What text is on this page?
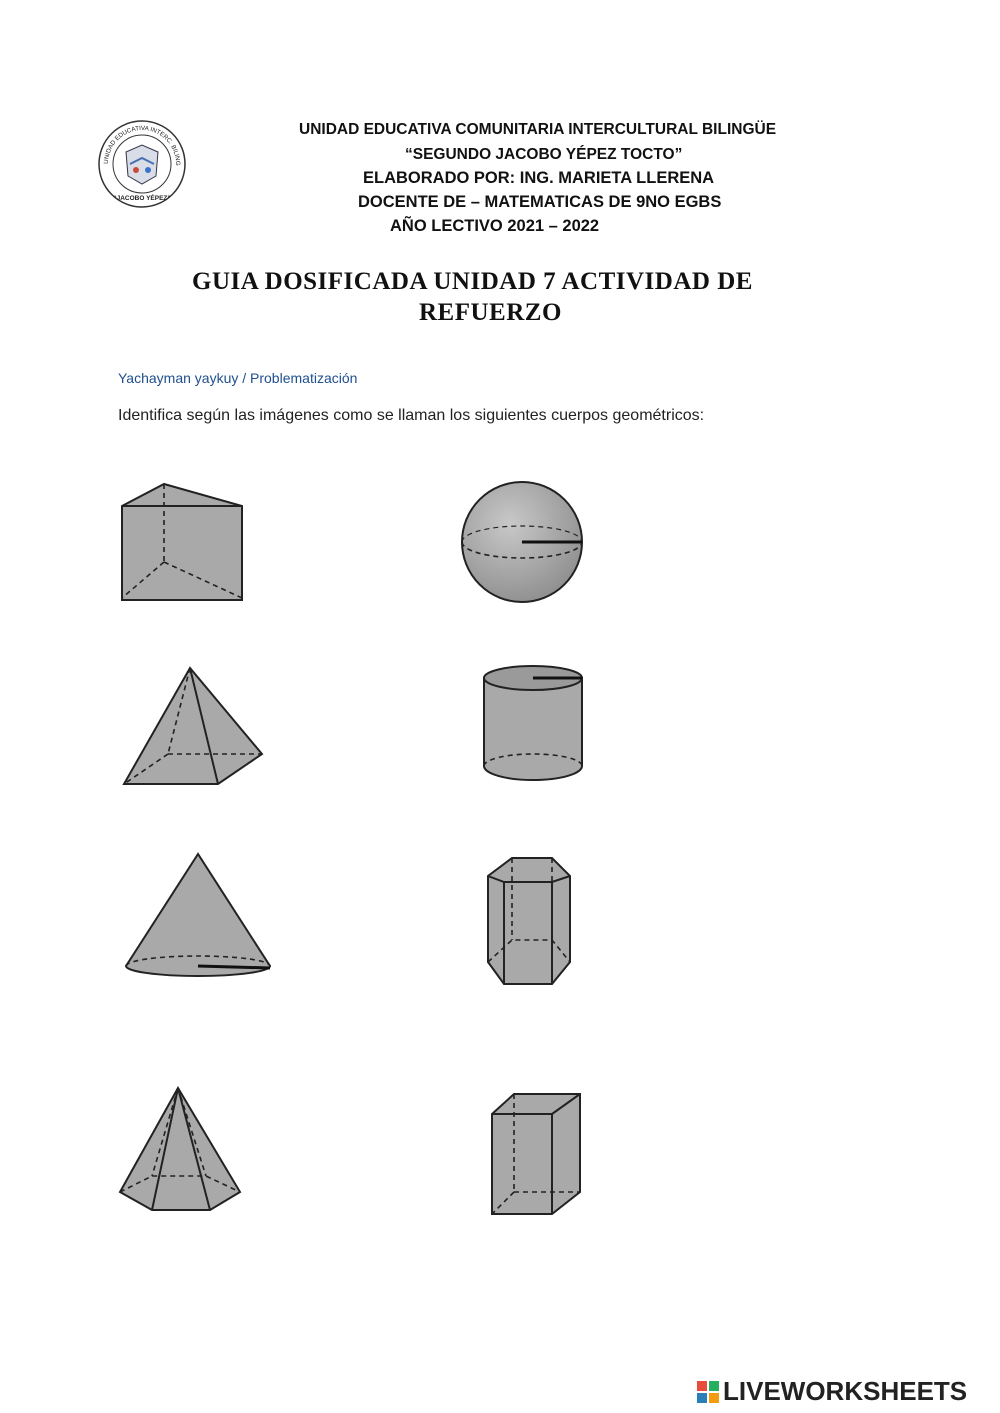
UNIDAD EDUCATIVA INTERC. BILING
“JACOBO YÉPEZ”
UNIDAD EDUCATIVA COMUNITARIA INTERCULTURAL BILINGÜE
“SEGUNDO JACOBO YÉPEZ TOCTO”
ELABORADO POR: ING. MARIETA LLERENA
DOCENTE DE – MATEMATICAS DE 9NO EGBS
AÑO LECTIVO 2021 – 2022
GUIA DOSIFICADA UNIDAD 7 ACTIVIDAD DE
REFUERZO
Yachayman yaykuy / Problematización
Identifica según las imágenes como se llaman los siguientes cuerpos geométricos:
LIVEWORKSHEETS
